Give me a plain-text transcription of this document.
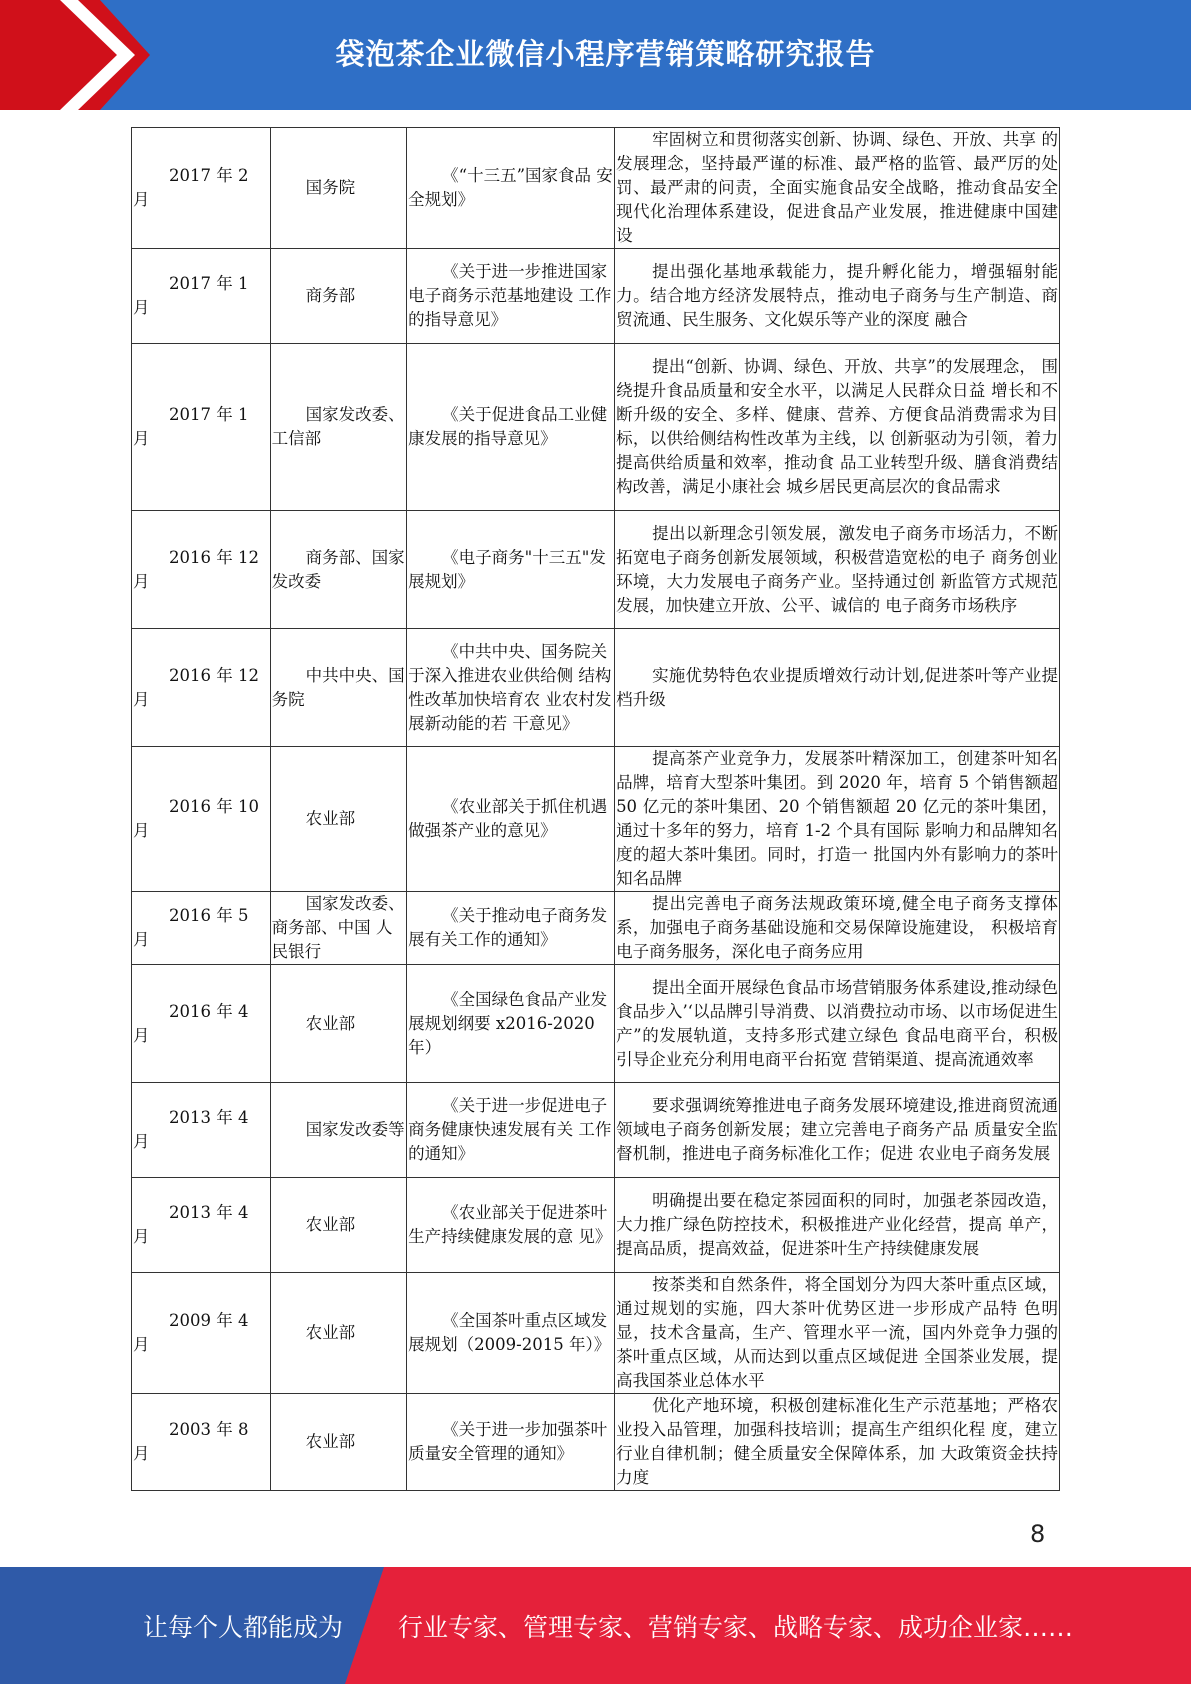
袋泡茶企业微信小程序营销策略研究报告
2017 年 2 月	国务院	《“十三五”国家食品 安全规划》	牢固树立和贯彻落实创新、协调、绿色、开放、共享 的发展理念，坚持最严谨的标准、最严格的监管、最严厉的处罚、最严肃的问责，全面实施食品安全战略，推动食品安全现代化治理体系建设，促进食品产业发展，推进健康中国建设
2017 年 1 月	商务部	《关于进一步推进国家 电子商务示范基地建设 工作的指导意见》	提出强化基地承载能力，提升孵化能力，增强辐射能 力。结合地方经济发展特点，推动电子商务与生产制造、商贸流通、民生服务、文化娱乐等产业的深度 融合
2017 年 1 月	国家发改委、 工信部	《关于促进食品工业健 康发展的指导意见》	提出“创新、协调、绿色、开放、共享”的发展理念， 围绕提升食品质量和安全水平，以满足人民群众日益 增长和不断升级的安全、多样、健康、营养、方便食品消费需求为目标，以供给侧结构性改革为主线，以 创新驱动为引领，着力提高供给质量和效率，推动食 品工业转型升级、膳食消费结构改善，满足小康社会 城乡居民更高层次的食品需求
2016 年 12 月	商务部、国家 发改委	《电子商务"十三五"发展规划》	提出以新理念引领发展，激发电子商务市场活力，不断拓宽电子商务创新发展领域，积极营造宽松的电子 商务创业环境，大力发展电子商务产业。坚持通过创 新监管方式规范发展，加快建立开放、公平、诚信的 电子商务市场秩序
2016 年 12 月	中共中央、国 务院	《中共中央、国务院关 于深入推进农业供给侧 结构性改革加快培育农 业农村发展新动能的若 干意见》	实施优势特色农业提质增效行动计划,促进茶叶等产业提档升级
2016 年 10 月	农业部	《农业部关于抓住机遇 做强茶产业的意见》	提高茶产业竞争力，发展茶叶精深加工，创建茶叶知名品牌，培育大型茶叶集团。到 2020 年，培育 5 个销售额超 50 亿元的茶叶集团、20 个销售额超 20 亿元的茶叶集团，通过十多年的努力，培育 1-2 个具有国际 影响力和品牌知名度的超大茶叶集团。同时，打造一 批国内外有影响力的茶叶知名品牌
2016 年 5 月	国家发改委、 商务部、中国 人民银行	《关于推动电子商务发 展有关工作的通知》	提出完善电子商务法规政策环境,健全电子商务支撑体系，加强电子商务基础设施和交易保障设施建设， 积极培育电子商务服务，深化电子商务应用
2016 年 4 月	农业部	《全国绿色食品产业发 展规划纲要 x2016-2020 年）	提出全面开展绿色食品市场营销服务体系建设,推动绿色食品步入’‘以品牌引导消费、以消费拉动市场、以市场促进生产”的发展轨道，支持多形式建立绿色 食品电商平台，积极引导企业充分利用电商平台拓宽 营销渠道、提高流通效率
2013 年 4 月	国家发改委等	《关于进一步促进电子 商务健康快速发展有关 工作的通知》	要求强调统筹推进电子商务发展环境建设,推进商贸流通领域电子商务创新发展；建立完善电子商务产品 质量安全监督机制，推进电子商务标准化工作；促进 农业电子商务发展
2013 年 4 月	农业部	《农业部关于促进茶叶 生产持续健康发展的意 见》	明确提出要在稳定茶园面积的同时，加强老茶园改造， 大力推广绿色防控技术，积极推进产业化经营，提高 单产，提高品质，提高效益，促进茶叶生产持续健康发展
2009 年 4 月	农业部	《全国茶叶重点区域发 展规划（2009-2015 年）》	按茶类和自然条件，将全国划分为四大茶叶重点区域， 通过规划的实施，四大茶叶优势区进一步形成产品特 色明显，技术含量高，生产、管理水平一流，国内外竞争力强的茶叶重点区域，从而达到以重点区域促进 全国茶业发展，提高我国茶业总体水平
2003 年 8 月	农业部	《关于进一步加强茶叶 质量安全管理的通知》	优化产地环境，积极创建标准化生产示范基地；严格农业投入品管理，加强科技培训；提高生产组织化程 度，建立行业自律机制；健全质量安全保障体系，加 大政策资金扶持力度
8
让每个人都能成为 行业专家、管理专家、营销专家、战略专家、成功企业家……
